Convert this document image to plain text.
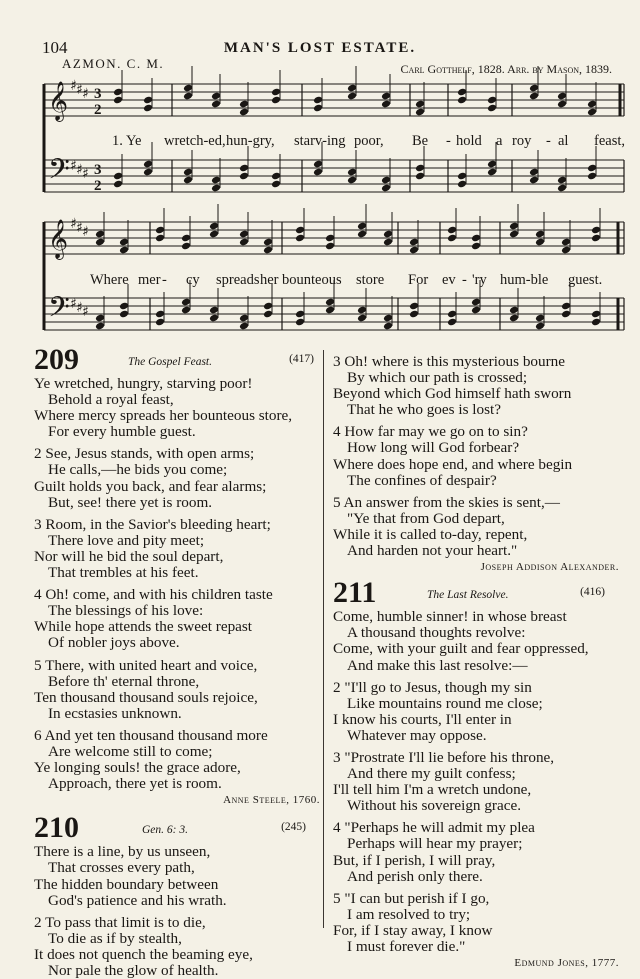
104	MAN'S LOST ESTATE.
AZMON. C. M.	Carl Gotthelf, 1828. Arr. by Mason, 1839.
𝄞
𝄢
♯ ♯ ♯
♯ ♯ ♯
3
2
3
2
𝄞
𝄢
♯ ♯ ♯
♯ ♯ ♯
1. Ye wretch-ed, hun-gry, starv-ing poor, Be - hold a roy - al feast,
Where mer - cy spreads her bounteous store For ev - 'ry hum-ble guest.
209	The Gospel Feast.	(417)
Ye wretched, hungry, starving poor!
Behold a royal feast,
Where mercy spreads her bounteous store,
For every humble guest.
2 See, Jesus stands, with open arms;
He calls,—he bids you come;
Guilt holds you back, and fear alarms;
But, see! there yet is room.
3 Room, in the Savior's bleeding heart;
There love and pity meet;
Nor will he bid the soul depart,
That trembles at his feet.
4 Oh! come, and with his children taste
The blessings of his love:
While hope attends the sweet repast
Of nobler joys above.
5 There, with united heart and voice,
Before th' eternal throne,
Ten thousand thousand souls rejoice,
In ecstasies unknown.
6 And yet ten thousand thousand more
Are welcome still to come;
Ye longing souls! the grace adore,
Approach, there yet is room.
Anne Steele, 1760.
210	Gen. 6: 3.	(245)
There is a line, by us unseen,
That crosses every path,
The hidden boundary between
God's patience and his wrath.
2 To pass that limit is to die,
To die as if by stealth,
It does not quench the beaming eye,
Nor pale the glow of health.
3 Oh! where is this mysterious bourne
By which our path is crossed;
Beyond which God himself hath sworn
That he who goes is lost?
4 How far may we go on to sin?
How long will God forbear?
Where does hope end, and where begin
The confines of despair?
5 An answer from the skies is sent,—
"Ye that from God depart,
While it is called to-day, repent,
And harden not your heart."
Joseph Addison Alexander.
211	The Last Resolve.	(416)
Come, humble sinner! in whose breast
A thousand thoughts revolve:
Come, with your guilt and fear oppressed,
And make this last resolve:—
2 "I'll go to Jesus, though my sin
Like mountains round me close;
I know his courts, I'll enter in
Whatever may oppose.
3 "Prostrate I'll lie before his throne,
And there my guilt confess;
I'll tell him I'm a wretch undone,
Without his sovereign grace.
4 "Perhaps he will admit my plea
Perhaps will hear my prayer;
But, if I perish, I will pray,
And perish only there.
5 "I can but perish if I go,
I am resolved to try;
For, if I stay away, I know
I must forever die."
Edmund Jones, 1777.
